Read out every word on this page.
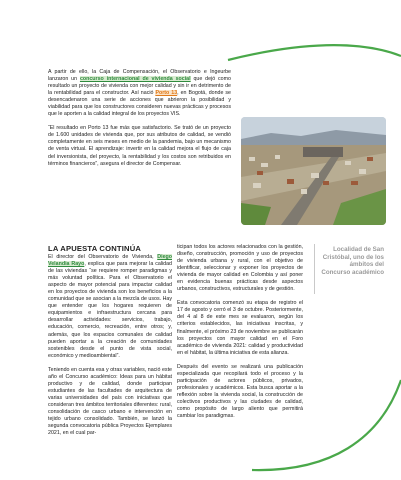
A partir de ello, la Caja de Compensación, el Observatorio e Ingeurbe lanzaron un concurso internacional de vivienda social que dejó como resultado un proyecto de vivienda con mejor calidad y sin ir en detrimento de la rentabilidad para el constructor. Así nació Porto 13, en Bogotá, donde se desencadenaron una serie de acciones que abrieron la posibilidad y viabilidad para que los constructores consideren nuevas prácticas y procesos que le aporten a la calidad integral de los proyectos VIS.

“El resultado en Porto 13 fue más que satisfactorio. Se trató de un proyecto de 1.600 unidades de vivienda que, por sus atributos de calidad, se vendió completamente en seis meses en medio de la pandemia, bajo un mecanismo de venta virtual. El aprendizaje: invertir en la calidad mejora el flujo de caja del inversionista, del proyecto, la rentabilidad y los costos son retribuidos en términos financieros”, asegura el director de Compensar.

LA APUESTA CONTINÚA

El director del Observatorio de Vivienda, Diego Velandia Rayo, explica que para mejorar la calidad de las viviendas “se requiere romper paradigmas y más voluntad política. Para el Observatorio el aspecto de mayor potencial para impactar calidad en los proyectos de vivienda son los beneficios a la comunidad que se asocian a la mezcla de usos. Hay que entender que los hogares requieren de equipamientos e infraestructura cercana para desarrollar actividades: servicios, trabajo, educación, comercio, recreación, entre otros; y, además, que los espacios comunales de calidad pueden aportar a la creación de comunidades sostenibles desde el punto de vista social, económico y medioambiental”.

Teniendo en cuenta esa y otras variables, nació este año el Concurso académico: Ideas para un hábitat productivo y de calidad, donde participan estudiantes de las facultades de arquitectura de varias universidades del país con iniciativas que consideran tres ámbitos territoriales diferentes: rural, consolidación de casco urbano e intervención en tejido urbano consolidado. También, se lanzó la segunda convocatoria pública Proyectos Ejemplares 2021, en el cual par-

ticipan todos los actores relacionados con la gestión, diseño, construcción, promoción y uso de proyectos de vivienda urbana y rural, con el objetivo de identificar, seleccionar y exponer los proyectos de vivienda de mayor calidad en Colombia y así poner en evidencia buenas prácticas desde aspectos urbanos, constructivos, estructurales y de gestión.

Esta convocatoria comenzó su etapa de registro el 17 de agosto y cerró el 3 de octubre. Posteriormente, del 4 al 8 de este mes se evaluaron, según los criterios establecidos, las iniciativas inscritas, y finalmente, el próximo 23 de noviembre se publicarán los proyectos con mayor calidad en el Foro académico de vivienda 2021: calidad y productividad en el hábitat, la última iniciativa de esta alianza.

Después del evento se realizará una publicación especializada que recopilará todo el proceso y la participación de actores públicos, privados, profesionales y académicos. Esta busca aportar a la reflexión sobre la vivienda social, la construcción de colectivos productivos y las ciudades de calidad, como propósito de largo aliento que permitirá cambiar los paradigmas.

Localidad de San Cristóbal, uno de los ámbitos del Concurso académico
